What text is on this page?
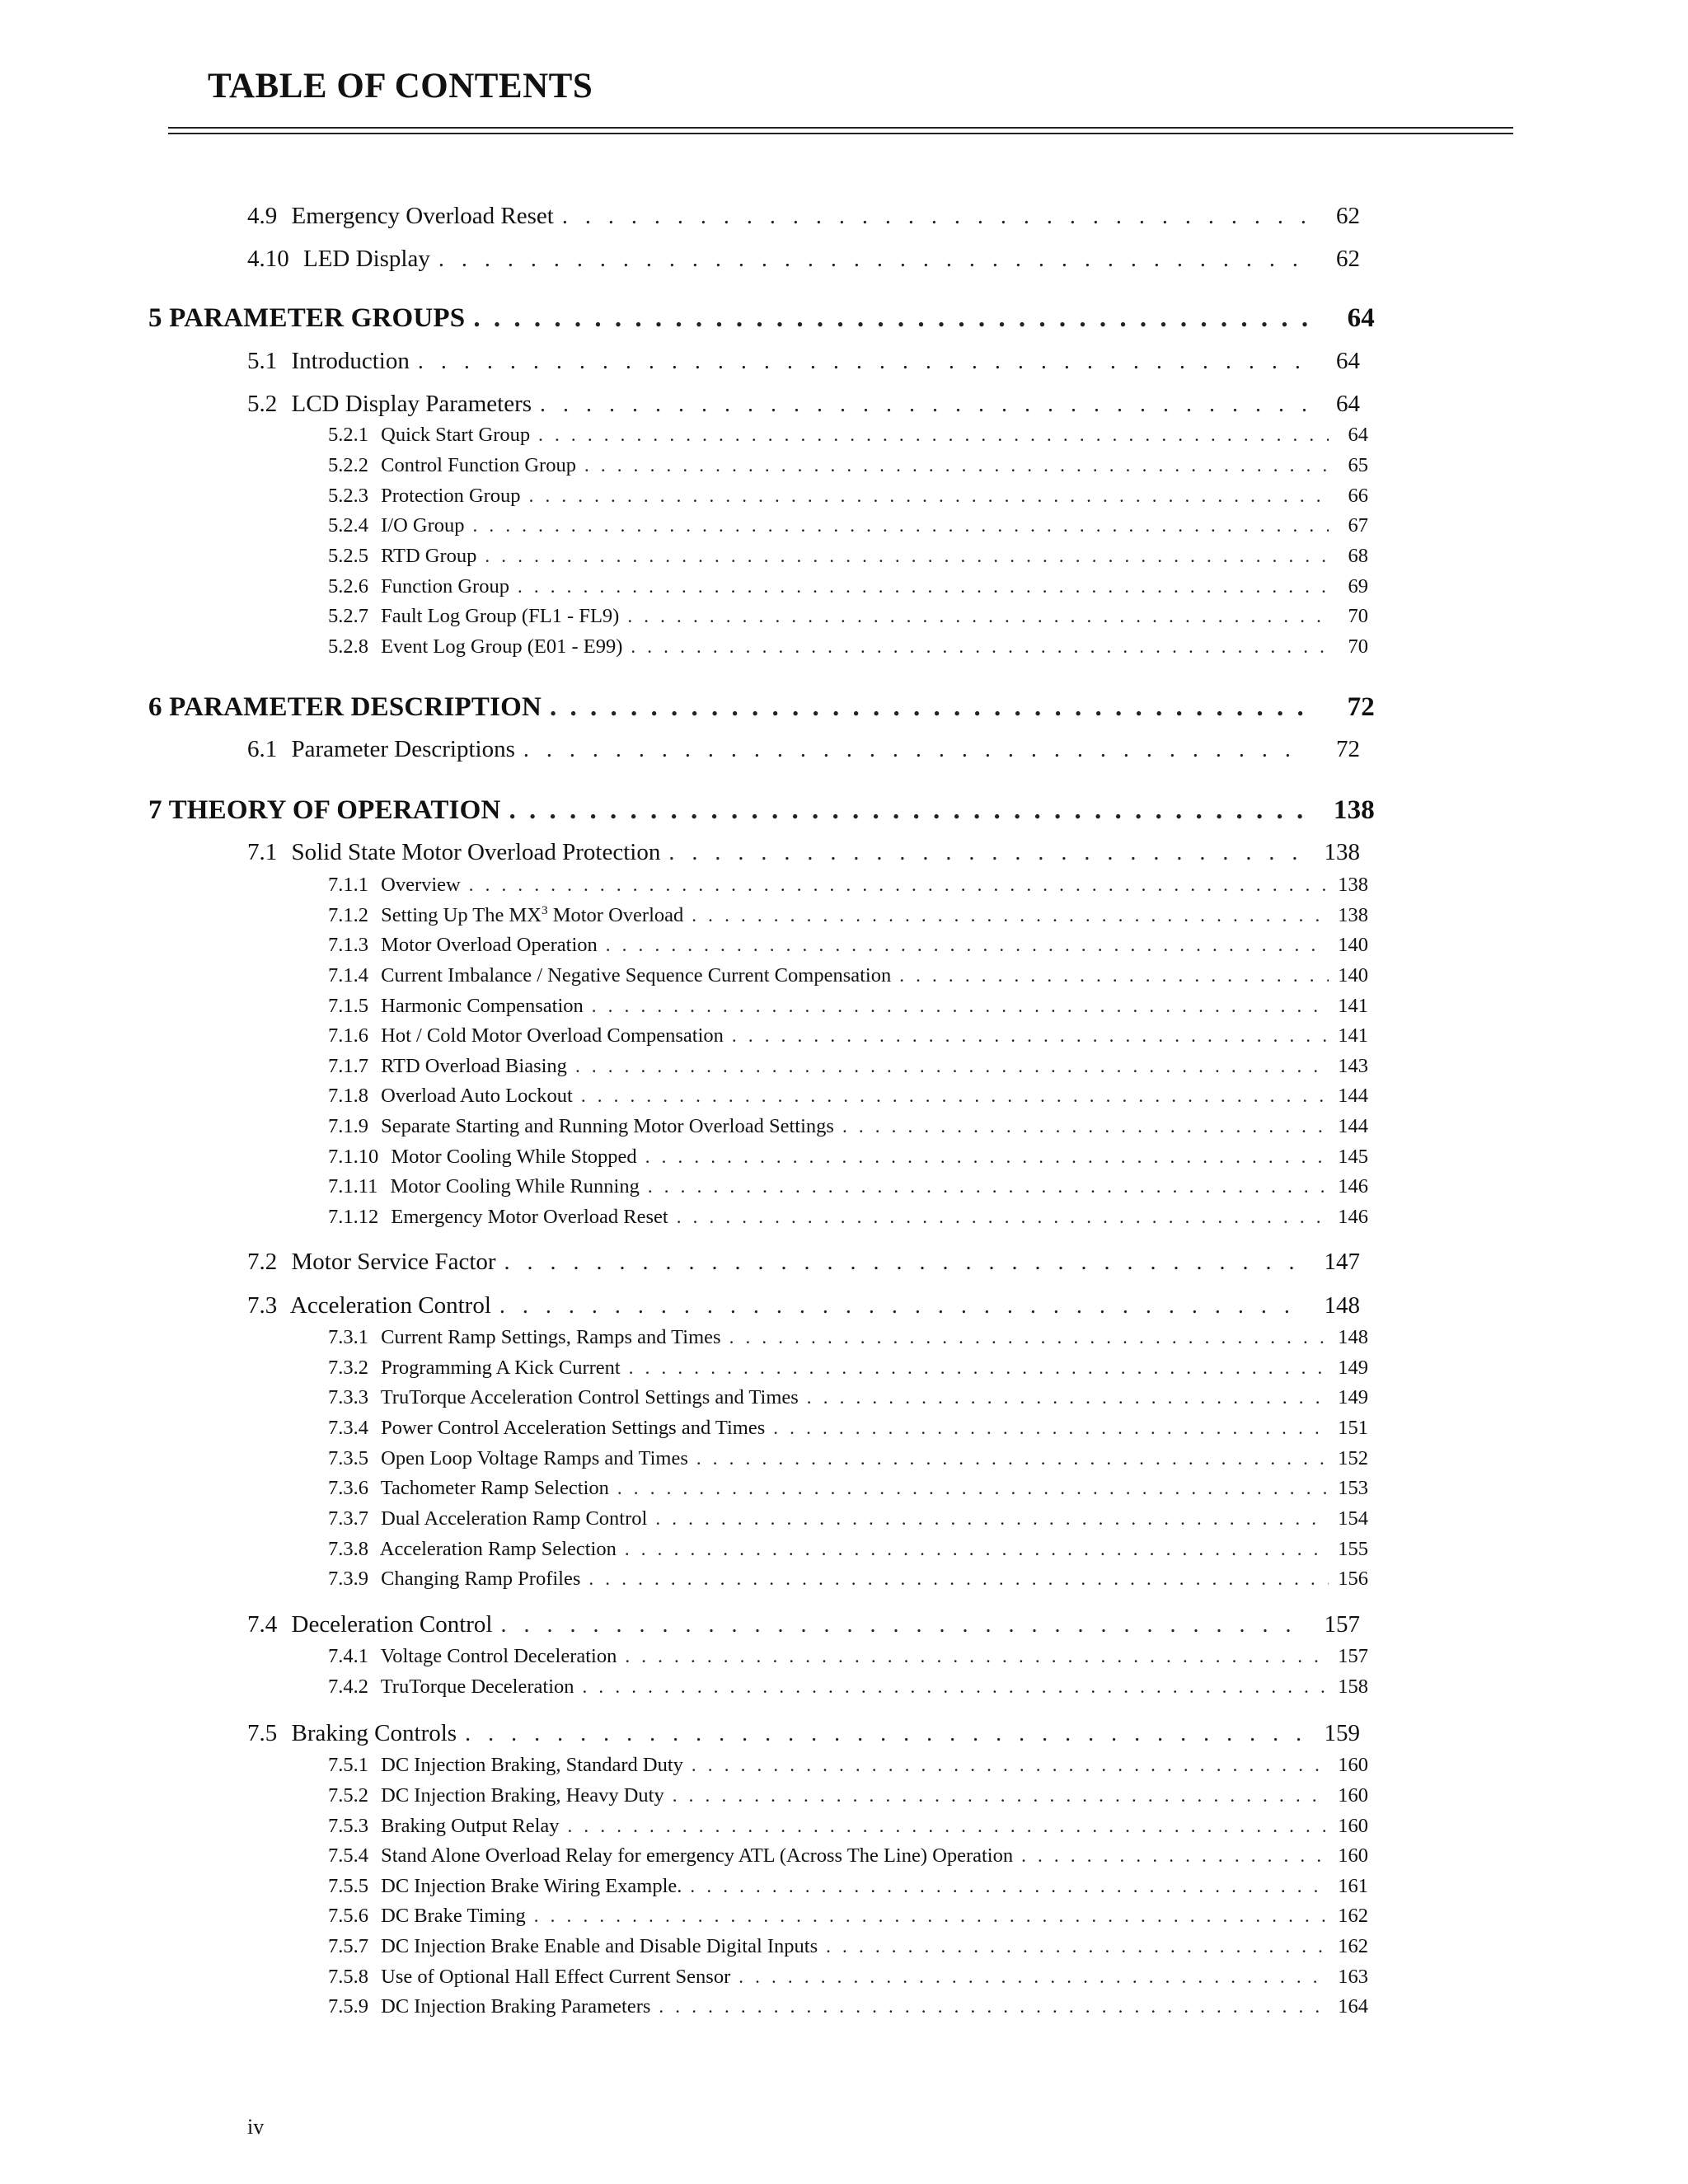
TABLE OF CONTENTS
4.9 Emergency Overload Reset . . .	62
4.10 LED Display . . .	62
5 PARAMETER GROUPS . . .	64
5.1 Introduction . . .	64
5.2 LCD Display Parameters . . .	64
5.2.1 Quick Start Group . . .	64
5.2.2 Control Function Group . . .	65
5.2.3 Protection Group . . .	66
5.2.4 I/O Group . . .	67
5.2.5 RTD Group . . .	68
5.2.6 Function Group . . .	69
5.2.7 Fault Log Group (FL1 - FL9) . . .	70
5.2.8 Event Log Group (E01 - E99) . . .	70
6 PARAMETER DESCRIPTION . . .	72
6.1 Parameter Descriptions . . .	72
7 THEORY OF OPERATION . . .	138
7.1 Solid State Motor Overload Protection . . .	138
7.1.1 Overview . . .	138
7.1.2 Setting Up The $MX^3$ Motor Overload . . .	138
7.1.3 Motor Overload Operation . . .	140
7.1.4 Current Imbalance / Negative Sequence Current Compensation . . .	140
7.1.5 Harmonic Compensation . . .	141
7.1.6 Hot / Cold Motor Overload Compensation . . .	141
7.1.7 RTD Overload Biasing . . .	143
7.1.8 Overload Auto Lockout . . .	144
7.1.9 Separate Starting and Running Motor Overload Settings . . .	144
7.1.10 Motor Cooling While Stopped . . .	145
7.1.11 Motor Cooling While Running . . .	146
7.1.12 Emergency Motor Overload Reset . . .	146
7.2 Motor Service Factor . . .	147
7.3 Acceleration Control . . .	148
7.3.1 Current Ramp Settings, Ramps and Times . . .	148
7.3.2 Programming A Kick Current . . .	149
7.3.3 TruTorque Acceleration Control Settings and Times . . .	149
7.3.4 Power Control Acceleration Settings and Times . . .	151
7.3.5 Open Loop Voltage Ramps and Times . . .	152
7.3.6 Tachometer Ramp Selection . . .	153
7.3.7 Dual Acceleration Ramp Control . . .	154
7.3.8 Acceleration Ramp Selection . . .	155
7.3.9 Changing Ramp Profiles . . .	156
7.4 Deceleration Control . . .	157
7.4.1 Voltage Control Deceleration . . .	157
7.4.2 TruTorque Deceleration . . .	158
7.5 Braking Controls . . .	159
7.5.1 DC Injection Braking, Standard Duty . . .	160
7.5.2 DC Injection Braking, Heavy Duty . . .	160
7.5.3 Braking Output Relay . . .	160
7.5.4 Stand Alone Overload Relay for emergency ATL (Across The Line) Operation . . .	160
7.5.5 DC Injection Brake Wiring Example. . . .	161
7.5.6 DC Brake Timing . . .	162
7.5.7 DC Injection Brake Enable and Disable Digital Inputs . . .	162
7.5.8 Use of Optional Hall Effect Current Sensor . . .	163
7.5.9 DC Injection Braking Parameters . . .	164
iv
